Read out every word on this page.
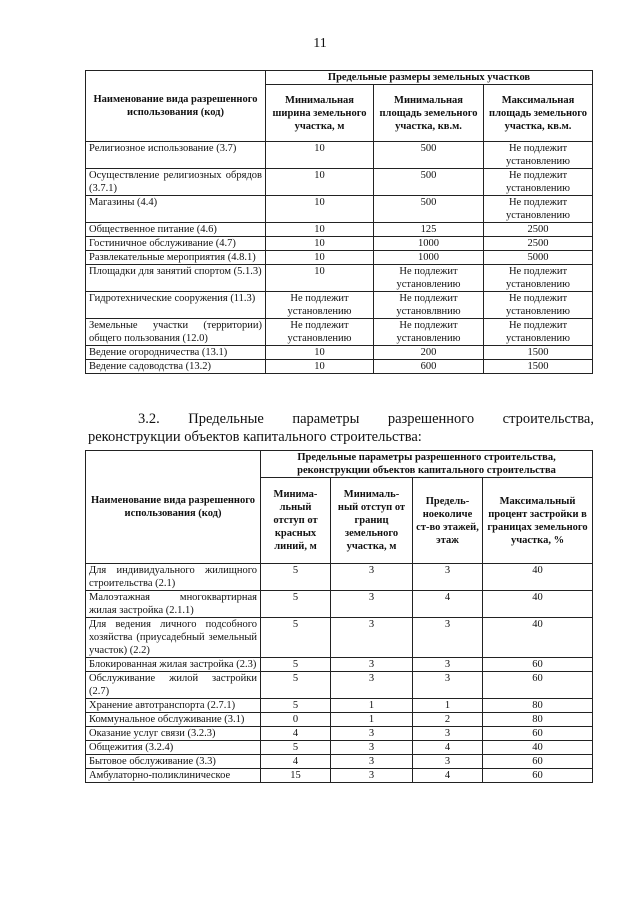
11
Наименование вида разрешенного использования (код)	Предельные размеры земельных участков		
	Минимальная ширина земельного участка, м	Минимальная площадь земельного участка, кв.м.	Максимальная площадь земельного участка, кв.м.
Религиозное использование (3.7)	10	500	Не подлежит установлению
Осуществление религиозных обрядов (3.7.1)	10	500	Не подлежит установлению
Магазины (4.4)	10	500	Не подлежит установлению
Общественное питание (4.6)	10	125	2500
Гостиничное обслуживание (4.7)	10	1000	2500
Развлекательные мероприятия (4.8.1)	10	1000	5000
Площадки для занятий спортом (5.1.3)	10	Не подлежит установлению	Не подлежит установлению
Гидротехнические сооружения (11.3)	Не подлежит установлению	Не подлежит установлвнию	Не подлежит установлению
Земельные участки (территории) общего пользования (12.0)	Не подлежит установлению	Не подлежит установлению	Не подлежит установлению
Ведение огородничества (13.1)	10	200	1500
Ведение садоводства (13.2)	10	600	1500
3.2. Предельные параметры разрешенного строительства,
реконструкции объектов капитального строительства:
Наименование вида разрешенного использования (код)	Предельные параметры разрешенного строительства, реконструкции объектов капитального строительства			
	Минима-льный отступ от красных линий, м	Минималь-ный отступ от границ земельного участка, м	Предель-ноеколиче ст-во этажей, этаж	Максимальный процент застройки в границах земельного участка, %
Для индивидуального жилищного строительства (2.1)	5	3	3	40
Малоэтажная многоквартирная жилая застройка (2.1.1)	5	3	4	40
Для ведения личного подсобного хозяйства (приусадебный земельный участок) (2.2)	5	3	3	40
Блокированная жилая застройка (2.3)	5	3	3	60
Обслуживание жилой застройки (2.7)	5	3	3	60
Хранение автотранспорта (2.7.1)	5	1	1	80
Коммунальное обслуживание (3.1)	0	1	2	80
Оказание услуг связи (3.2.3)	4	3	3	60
Общежития (3.2.4)	5	3	4	40
Бытовое обслуживание (3.3)	4	3	3	60
Амбулаторно-поликлиническое	15	3	4	60
